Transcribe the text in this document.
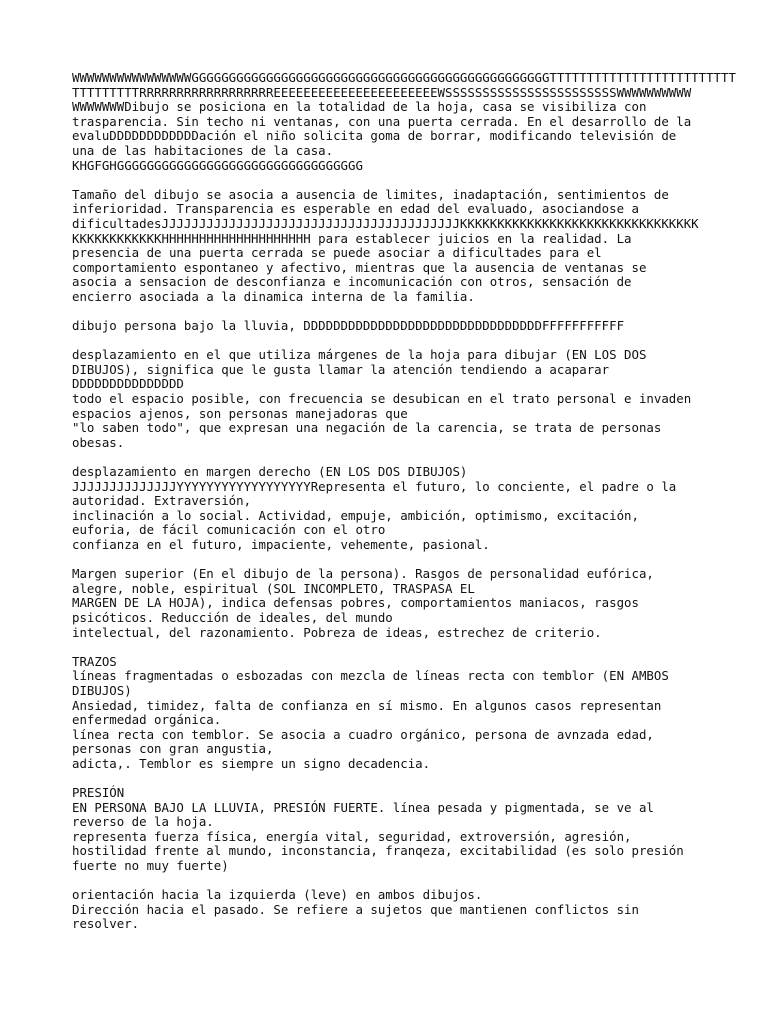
WWWWWWWWWWWWWWWWGGGGGGGGGGGGGGGGGGGGGGGGGGGGGGGGGGGGGGGGGGGGGGGGTTTTTTTTTTTTTTTTTTTTTTTTT
TTTTTTTTTRRRRRRRRRRRRRRRRRREEEEEEEEEEEEEEEEEEEEEEWSSSSSSSSSSSSSSSSSSSSSSSWWWWWWWWWW
WWWWWWWDibujo se posiciona en la totalidad de la hoja, casa se visibiliza con
trasparencia. Sin techo ni ventanas, con una puerta cerrada. En el desarrollo de la
evaluDDDDDDDDDDDDación el niño solicita goma de borrar, modificando televisión de
una de las habitaciones de la casa.
KHGFGHGGGGGGGGGGGGGGGGGGGGGGGGGGGGGGGGG
Tamaño del dibujo se asocia a ausencia de limites, inadaptación, sentimientos de
inferioridad. Transparencia es esperable en edad del evaluado, asociandose a
dificultadesJJJJJJJJJJJJJJJJJJJJJJJJJJJJJJJJJJJJJJJJKKKKKKKKKKKKKKKKKKKKKKKKKKKKKKKK
KKKKKKKKKKKKHHHHHHHHHHHHHHHHHHHH para establecer juicios en la realidad. La
presencia de una puerta cerrada se puede asociar a dificultades para el
comportamiento espontaneo y afectivo, mientras que la ausencia de ventanas se
asocia a sensacion de desconfianza e incomunicación con otros, sensación de
encierro asociada a la dinamica interna de la familia.
dibujo persona bajo la lluvia, DDDDDDDDDDDDDDDDDDDDDDDDDDDDDDDDFFFFFFFFFFF
desplazamiento en el que utiliza márgenes de la hoja para dibujar (EN LOS DOS
DIBUJOS), significa que le gusta llamar la atención tendiendo a acaparar
DDDDDDDDDDDDDDD
todo el espacio posible, con frecuencia se desubican en el trato personal e invaden
espacios ajenos, son personas manejadoras que
"lo saben todo", que expresan una negación de la carencia, se trata de personas
obesas.
desplazamiento en margen derecho (EN LOS DOS DIBUJOS)
JJJJJJJJJJJJJJYYYYYYYYYYYYYYYYYYRepresenta el futuro, lo conciente, el padre o la
autoridad. Extraversión,
inclinación a lo social. Actividad, empuje, ambición, optimismo, excitación,
euforia, de fácil comunicación con el otro
confianza en el futuro, impaciente, vehemente, pasional.
Margen superior (En el dibujo de la persona). Rasgos de personalidad eufórica,
alegre, noble, espiritual (SOL INCOMPLETO, TRASPASA EL
MARGEN DE LA HOJA), indica defensas pobres, comportamientos maniacos, rasgos
psicóticos. Reducción de ideales, del mundo
intelectual, del razonamiento. Pobreza de ideas, estrechez de criterio.
TRAZOS
líneas fragmentadas o esbozadas con mezcla de líneas recta con temblor (EN AMBOS
DIBUJOS)
Ansiedad, timidez, falta de confianza en sí mismo. En algunos casos representan
enfermedad orgánica.
línea recta con temblor. Se asocia a cuadro orgánico, persona de avnzada edad,
personas con gran angustia,
adicta,. Temblor es siempre un signo decadencia.
PRESIÓN
EN PERSONA BAJO LA LLUVIA, PRESIÓN FUERTE. línea pesada y pigmentada, se ve al
reverso de la hoja.
representa fuerza física, energía vital, seguridad, extroversión, agresión,
hostilidad frente al mundo, inconstancia, franqeza, excitabilidad (es solo presión
fuerte no muy fuerte)
orientación hacia la izquierda (leve) en ambos dibujos.
Dirección hacia el pasado. Se refiere a sujetos que mantienen conflictos sin
resolver.
